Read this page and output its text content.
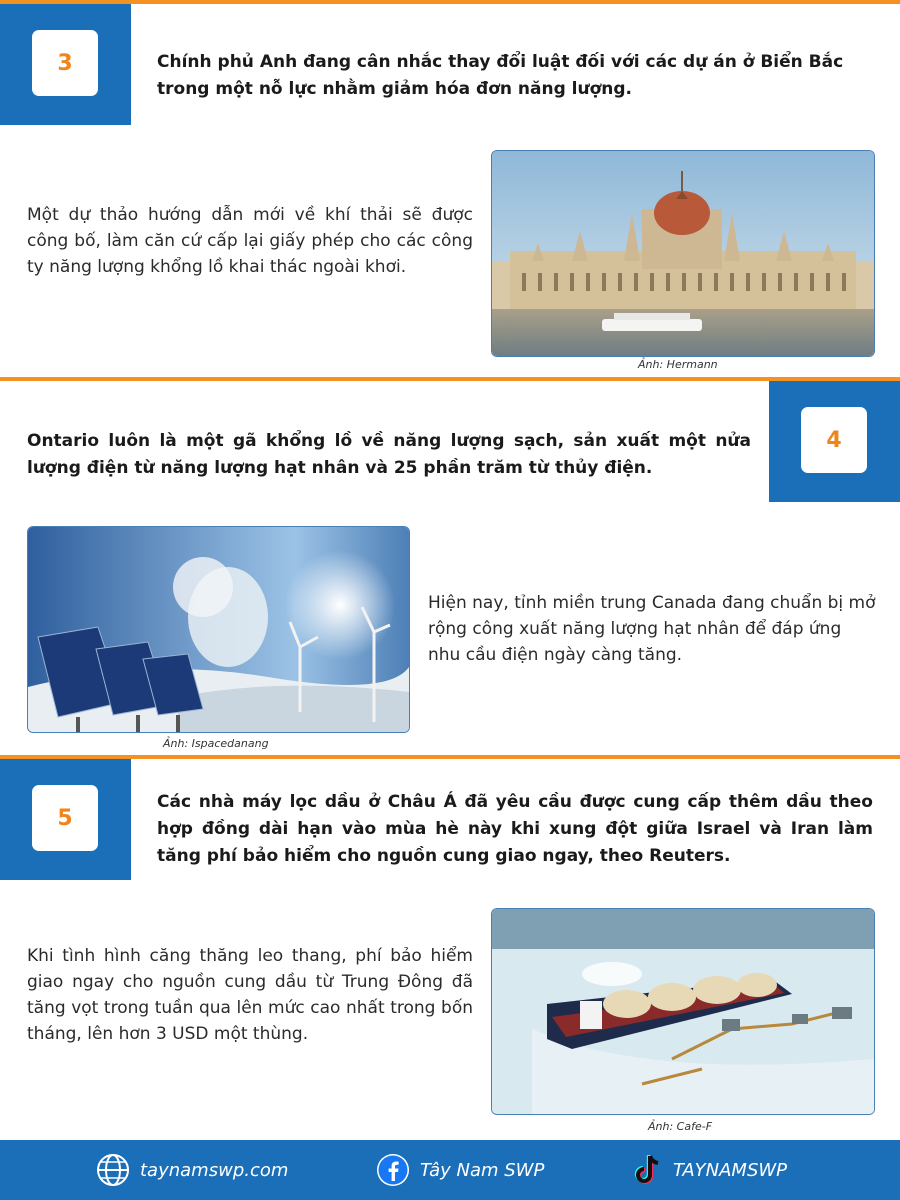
3	Chính phủ Anh đang cân nhắc thay đổi luật đối với các dự án ở Biển Bắc trong một nỗ lực nhằm giảm hóa đơn năng lượng.
Một dự thảo hướng dẫn mới về khí thải sẽ được công bố, làm căn cứ cấp lại giấy phép cho các công ty năng lượng khổng lồ khai thác ngoài khơi.
Ảnh: Hermann
4
Ontario luôn là một gã khổng lồ về năng lượng sạch, sản xuất một nửa lượng điện từ năng lượng hạt nhân và 25 phần trăm từ thủy điện.
Ảnh: Ispacedanang
Hiện nay, tỉnh miền trung Canada đang chuẩn bị mở rộng công xuất năng lượng hạt nhân để đáp ứng nhu cầu điện ngày càng tăng.
5
Các nhà máy lọc dầu ở Châu Á đã yêu cầu được cung cấp thêm dầu theo hợp đồng dài hạn vào mùa hè này khi xung đột giữa Israel và Iran làm tăng phí bảo hiểm cho nguồn cung giao ngay, theo Reuters.
Khi tình hình căng thăng leo thang, phí bảo hiểm giao ngay cho nguồn cung dầu từ Trung Đông đã tăng vọt trong tuần qua lên mức cao nhất trong bốn tháng, lên hơn 3 USD một thùng.
Ảnh: Cafe-F
taynamswp.com	Tây Nam SWP	TAYNAMSWP
